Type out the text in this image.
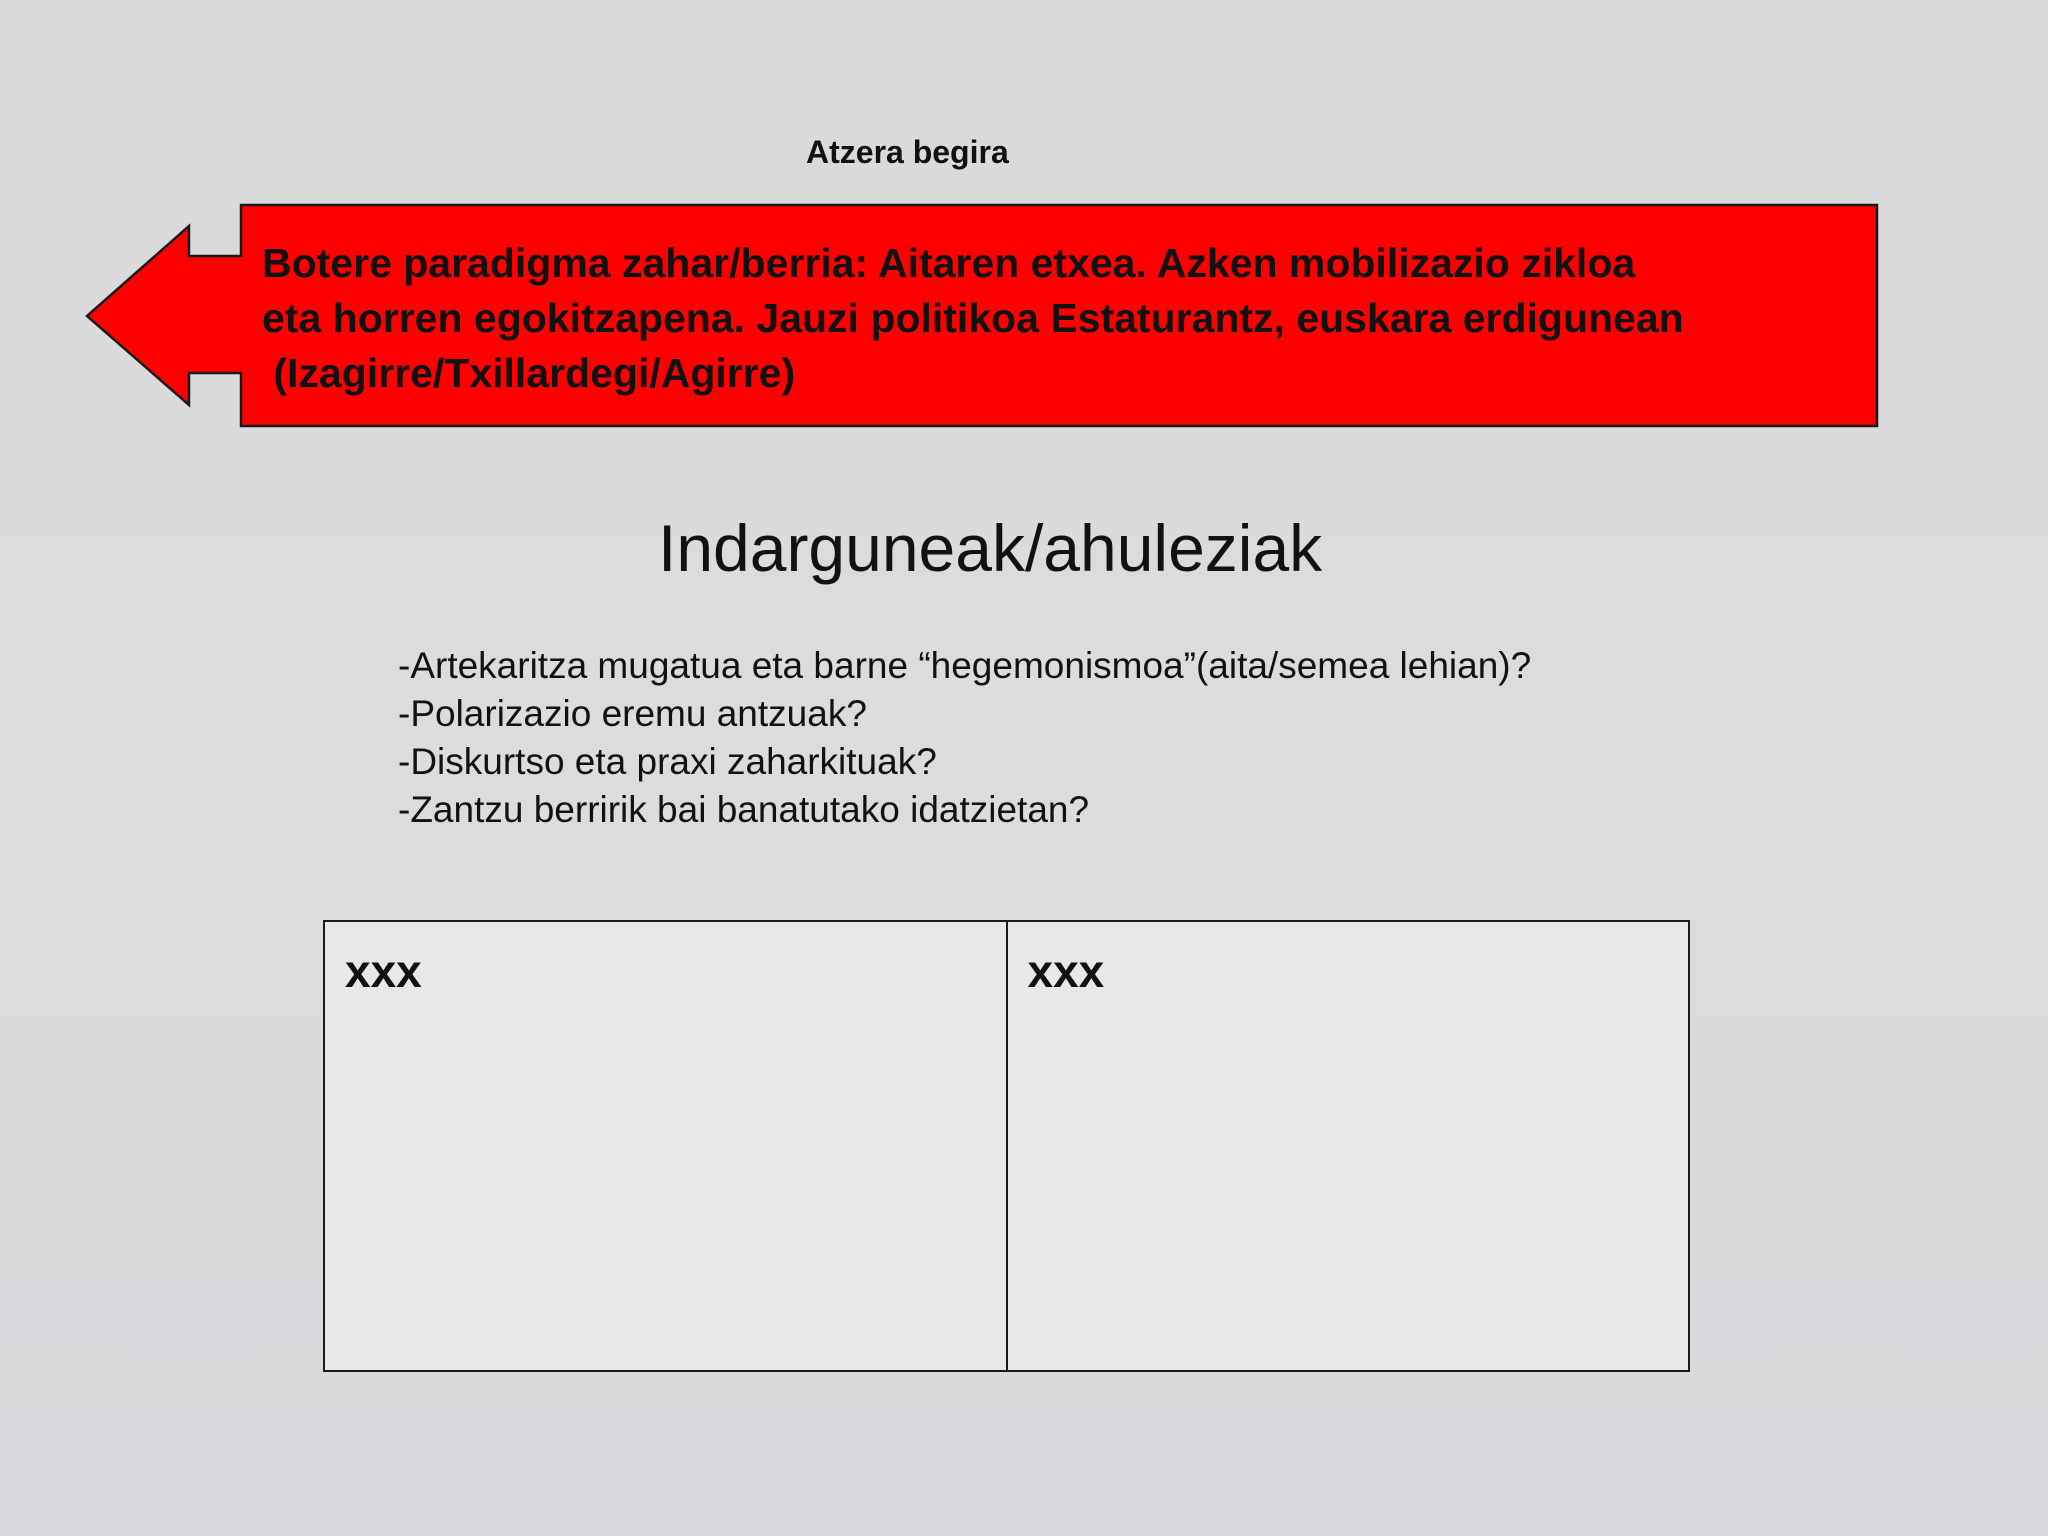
Atzera begira
Botere paradigma zahar/berria: Aitaren etxea. Azken mobilizazio zikloa
eta horren egokitzapena. Jauzi politikoa Estaturantz, euskara erdigunean
(Izagirre/Txillardegi/Agirre)
Indarguneak/ahuleziak
-Artekaritza mugatua eta barne “hegemonismoa”(aita/semea lehian)?
-Polarizazio eremu antzuak?
-Diskurtso eta praxi zaharkituak?
-Zantzu berririk bai banatutako idatzietan?
xxx	xxx
